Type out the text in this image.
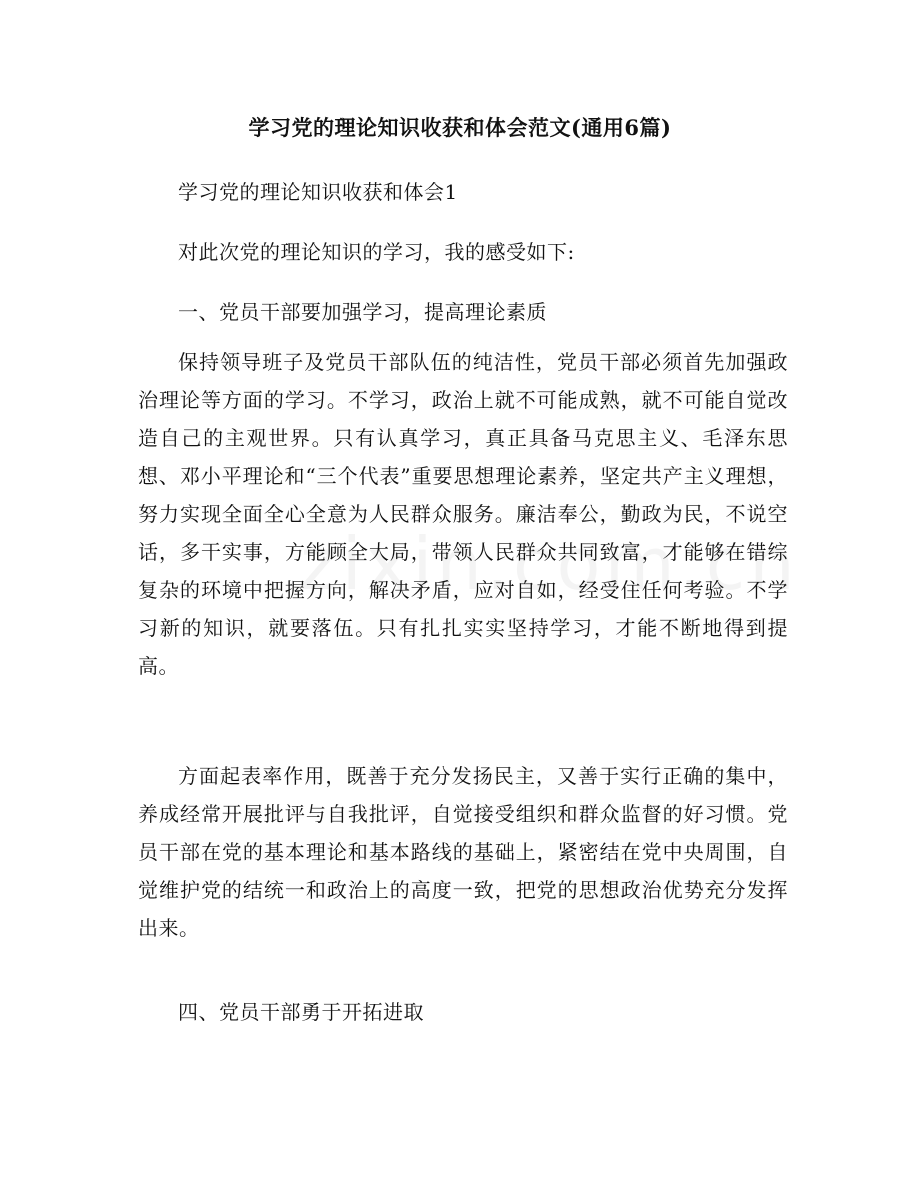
学习党的理论知识收获和体会范文(通用6篇)
学习党的理论知识收获和体会1
对此次党的理论知识的学习，我的感受如下:
一、党员干部要加强学习，提高理论素质
保持领导班子及党员干部队伍的纯洁性，党员干部必须首先加强政治理论等方面的学习。不学习，政治上就不可能成熟，就不可能自觉改造自己的主观世界。只有认真学习，真正具备马克思主义、毛泽东思想、邓小平理论和“三个代表”重要思想理论素养，坚定共产主义理想，努力实现全面全心全意为人民群众服务。廉洁奉公，勤政为民，不说空话，多干实事，方能顾全大局，带领人民群众共同致富，才能够在错综复杂的环境中把握方向，解决矛盾，应对自如，经受住任何考验。不学习新的知识，就要落伍。只有扎扎实实坚持学习，才能不断地得到提高。
方面起表率作用，既善于充分发扬民主，又善于实行正确的集中，养成经常开展批评与自我批评，自觉接受组织和群众监督的好习惯。党员干部在党的基本理论和基本路线的基础上，紧密结在党中央周围，自觉维护党的结统一和政治上的高度一致，把党的思想政治优势充分发挥出来。
四、党员干部勇于开拓进取
